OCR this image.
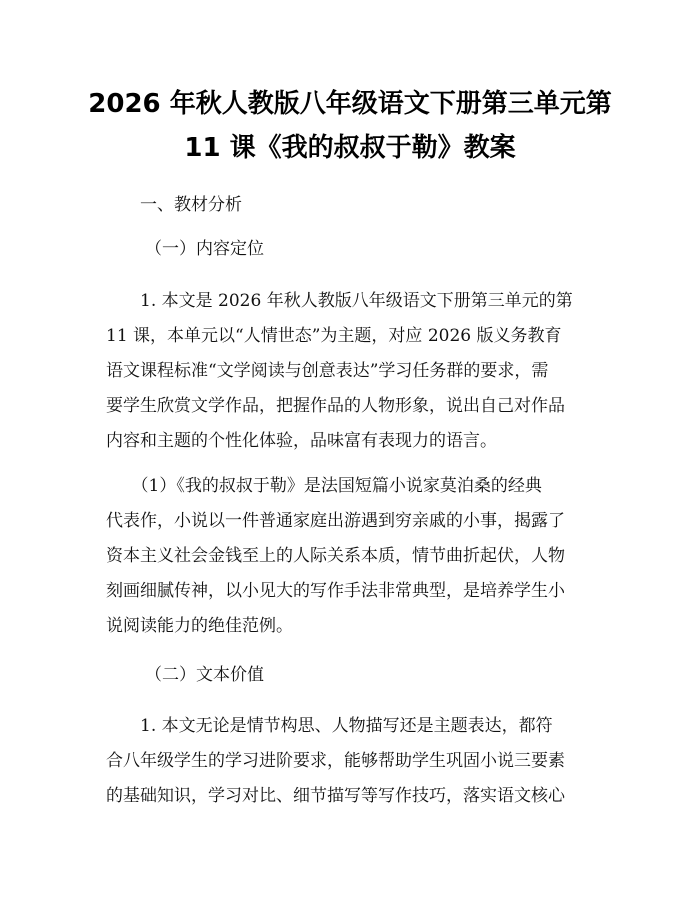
2026 年秋人教版八年级语文下册第三单元第
11 课《我的叔叔于勒》教案
一、教材分析
（一）内容定位
　　1. 本文是 2026 年秋人教版八年级语文下册第三单元的第
11 课，本单元以“人情世态”为主题，对应 2026 版义务教育
语文课程标准“文学阅读与创意表达”学习任务群的要求，需
要学生欣赏文学作品，把握作品的人物形象，说出自己对作品
内容和主题的个性化体验，品味富有表现力的语言。
　　（1）《我的叔叔于勒》是法国短篇小说家莫泊桑的经典
代表作，小说以一件普通家庭出游遇到穷亲戚的小事，揭露了
资本主义社会金钱至上的人际关系本质，情节曲折起伏，人物
刻画细腻传神，以小见大的写作手法非常典型，是培养学生小
说阅读能力的绝佳范例。
（二）文本价值
　　1. 本文无论是情节构思、人物描写还是主题表达，都符
合八年级学生的学习进阶要求，能够帮助学生巩固小说三要素
的基础知识，学习对比、细节描写等写作技巧，落实语文核心
